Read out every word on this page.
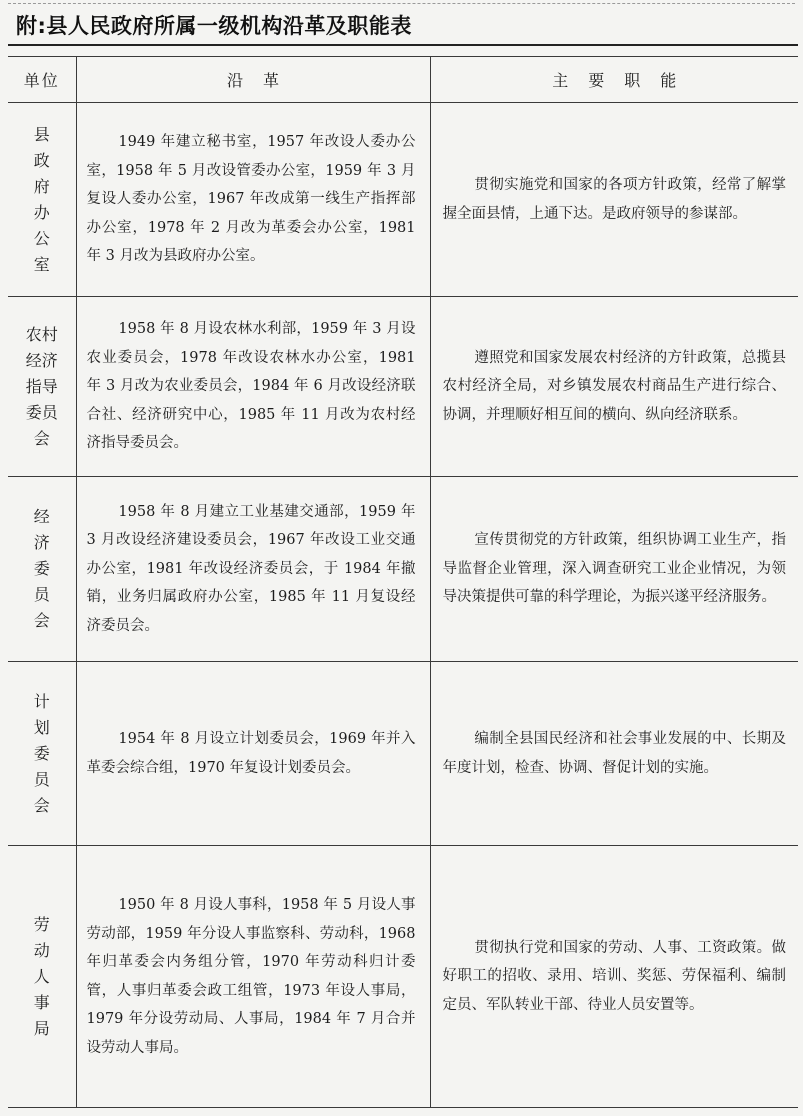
附:县人民政府所属一级机构沿革及职能表
单位	沿革	主要职能
县政府办公室	1949 年建立秘书室，1957 年改设人委办公室，1958 年 5 月改设管委办公室，1959 年 3 月复设人委办公室，1967 年改成第一线生产指挥部办公室，1978 年 2 月改为革委会办公室，1981 年 3 月改为县政府办公室。	贯彻实施党和国家的各项方针政策，经常了解掌握全面县情，上通下达。是政府领导的参谋部。
农村经济指导委员会	1958 年 8 月设农林水利部，1959 年 3 月设农业委员会，1978 年改设农林水办公室，1981 年 3 月改为农业委员会，1984 年 6 月改设经济联合社、经济研究中心，1985 年 11 月改为农村经济指导委员会。	遵照党和国家发展农村经济的方针政策，总揽县农村经济全局，对乡镇发展农村商品生产进行综合、协调，并理顺好相互间的横向、纵向经济联系。
经济委员会	1958 年 8 月建立工业基建交通部，1959 年 3 月改设经济建设委员会，1967 年改设工业交通办公室，1981 年改设经济委员会，于 1984 年撤销，业务归属政府办公室，1985 年 11 月复设经济委员会。	宣传贯彻党的方针政策，组织协调工业生产，指导监督企业管理，深入调查研究工业企业情况，为领导决策提供可靠的科学理论，为振兴遂平经济服务。
计划委员会	1954 年 8 月设立计划委员会，1969 年并入革委会综合组，1970 年复设计划委员会。	编制全县国民经济和社会事业发展的中、长期及年度计划，检查、协调、督促计划的实施。
劳动人事局	1950 年 8 月设人事科，1958 年 5 月设人事劳动部，1959 年分设人事监察科、劳动科，1968 年归革委会内务组分管，1970 年劳动科归计委管，人事归革委会政工组管，1973 年设人事局，1979 年分设劳动局、人事局，1984 年 7 月合并设劳动人事局。	贯彻执行党和国家的劳动、人事、工资政策。做好职工的招收、录用、培训、奖惩、劳保福利、编制定员、军队转业干部、待业人员安置等。
